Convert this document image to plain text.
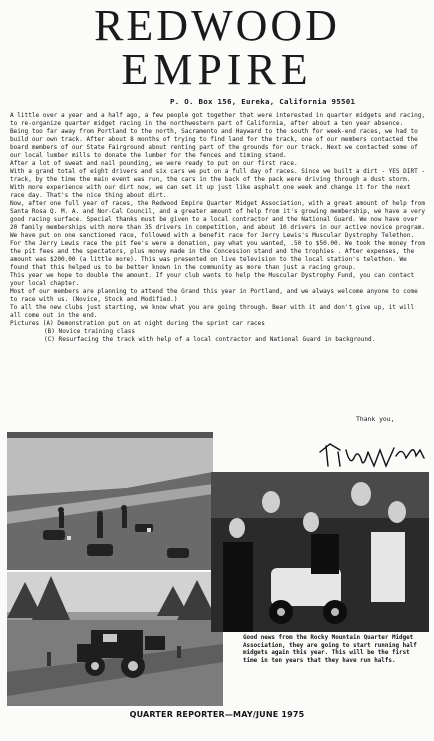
REDWOOD
EMPIRE
P. O. Box 156, Eureka, California 95501

A little over a year and a half ago, a few people got together that were interested in quarter midgets and racing, to re-organize quarter midget racing in the northwestern part of California, after about a ten year absence.

Being too far away from Portland to the north, Sacramento and Hayward to the south for week-end races, we had to build our own track. After about 8 months of trying to find land for the track, one of our members contacted the board members of our State Fairground about renting part of the grounds for our track. Next we contacted some of our local lumber mills to donate the lumber for the fences and timing stand.

After a lot of sweat and nail pounding, we were ready to put on our first race.

With a grand total of eight drivers and six cars we put on a full day of races. Since we built a dirt - YES DIRT - track, by the time the main event was run, the cars in the back of the pack were driving through a dust storm. With more experience with our dirt now, we can set it up just like asphalt one week and change it for the next race day. That's the nice thing about dirt.

Now, after one full year of races, the Redwood Empire Quarter Midget Association, with a great amount of help from Santa Rosa Q. M. A. and Nor-Cal Council, and a greater amount of help from it's growing membership, we have a very good racing surface. Special thanks must be given to a local contractor and the National Guard. We now have over 20 family memberships with more than 35 drivers in competition, and about 10 drivers in our active novice program.

We have put on one sanctioned race, followed with a benefit race for Jerry Lewis's Muscular Dystrophy Telethon. For the Jerry Lewis race the pit fee's were a donation, pay what you wanted, .50 to $50.00. We took the money from the pit fees and the spectators, plus money made in the Concession stand and the trophies . After expenses, the amount was $200.00 (a little more). This was presented on live television to the local station's telethon. We found that this helped us to be better known in the community as more than just a racing group.

This year we hope to double the amount. If your club wants to help the Muscular Dystrophy Fund, you can contact your local chapter.

Most of our members are planning to attend the Grand this year in Portland, and we always welcome anyone to come to race with us. (Novice, Stock and Modified.)

To all the new clubs just starting, we know what you are going through. Bear with it and don't give up, it will all come out in the end.

Pictures (A) Demonstration put on at night during the sprint car races
(B) Novice training class
(C) Resurfacing the track with help of a local contractor and National Guard in background.
Thank you,
Good news from the Rocky Mountain Quarter Midget Association, they are going to start running half midgets again this year. This will be the first time in ten years that they have run halfs.
QUARTER REPORTER—MAY/JUNE 1975
